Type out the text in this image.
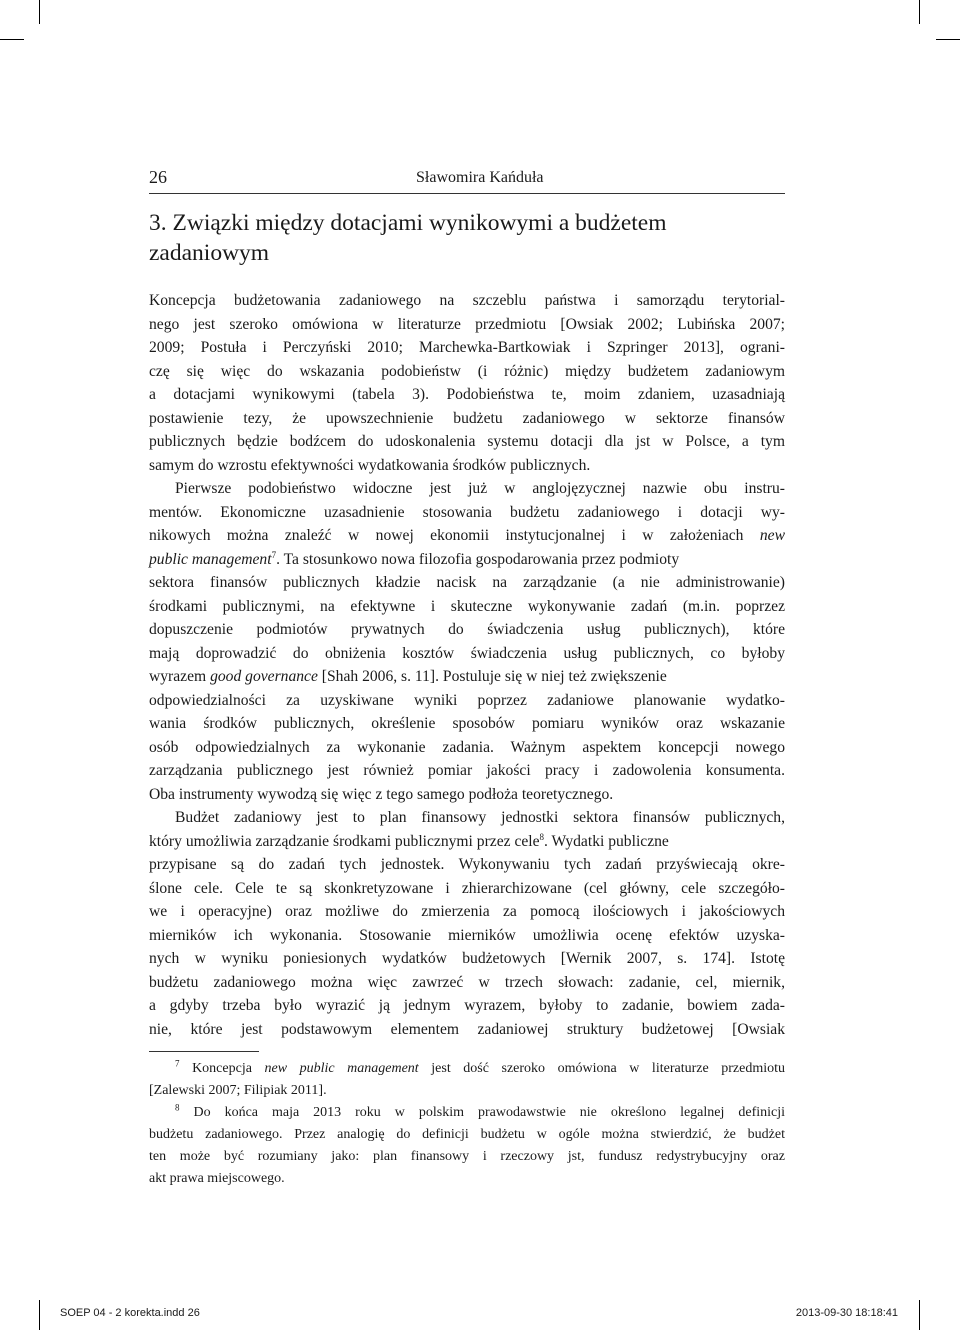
26	Sławomira Kańduła
3. Związki między dotacjami wynikowymi a budżetem
zadaniowym
Koncepcja budżetowania zadaniowego na szczeblu państwa i samorządu terytorial-
nego jest szeroko omówiona w literaturze przedmiotu [Owsiak 2002; Lubińska 2007;
2009; Postuła i Perczyński 2010; Marchewka-Bartkowiak i Szpringer 2013], ograni-
czę się więc do wskazania podobieństw (i różnic) między budżetem zadaniowym
a dotacjami wynikowymi (tabela 3). Podobieństwa te, moim zdaniem, uzasadniają
postawienie tezy, że upowszechnienie budżetu zadaniowego w sektorze finansów
publicznych będzie bodźcem do udoskonalenia systemu dotacji dla jst w Polsce, a tym
samym do wzrostu efektywności wydatkowania środków publicznych.
Pierwsze podobieństwo widoczne jest już w anglojęzycznej nazwie obu instru-
mentów. Ekonomiczne uzasadnienie stosowania budżetu zadaniowego i dotacji wy-
nikowych można znaleźć w nowej ekonomii instytucjonalnej i w założeniach new
public management$^7$. Ta stosunkowo nowa filozofia gospodarowania przez podmioty
sektora finansów publicznych kładzie nacisk na zarządzanie (a nie administrowanie)
środkami publicznymi, na efektywne i skuteczne wykonywanie zadań (m.in. poprzez
dopuszczenie podmiotów prywatnych do świadczenia usług publicznych), które
mają doprowadzić do obniżenia kosztów świadczenia usług publicznych, co byłoby
wyrazem good governance [Shah 2006, s. 11]. Postuluje się w niej też zwiększenie
odpowiedzialności za uzyskiwane wyniki poprzez zadaniowe planowanie wydatko-
wania środków publicznych, określenie sposobów pomiaru wyników oraz wskazanie
osób odpowiedzialnych za wykonanie zadania. Ważnym aspektem koncepcji nowego
zarządzania publicznego jest również pomiar jakości pracy i zadowolenia konsumenta.
Oba instrumenty wywodzą się więc z tego samego podłoża teoretycznego.
Budżet zadaniowy jest to plan finansowy jednostki sektora finansów publicznych,
który umożliwia zarządzanie środkami publicznymi przez cele$^8$. Wydatki publiczne
przypisane są do zadań tych jednostek. Wykonywaniu tych zadań przyświecają okre-
ślone cele. Cele te są skonkretyzowane i zhierarchizowane (cel główny, cele szczegóło-
we i operacyjne) oraz możliwe do zmierzenia za pomocą ilościowych i jakościowych
mierników ich wykonania. Stosowanie mierników umożliwia ocenę efektów uzyska-
nych w wyniku poniesionych wydatków budżetowych [Wernik 2007, s. 174]. Istotę
budżetu zadaniowego można więc zawrzeć w trzech słowach: zadanie, cel, miernik,
a gdyby trzeba było wyrazić ją jednym wyrazem, byłoby to zadanie, bowiem zada-
nie, które jest podstawowym elementem zadaniowej struktury budżetowej [Owsiak
$^7$ Koncepcja new public management jest dość szeroko omówiona w literaturze przedmiotu
[Zalewski 2007; Filipiak 2011].
$^8$ Do końca maja 2013 roku w polskim prawodawstwie nie określono legalnej definicji
budżetu zadaniowego. Przez analogię do definicji budżetu w ogóle można stwierdzić, że budżet
ten może być rozumiany jako: plan finansowy i rzeczowy jst, fundusz redystrybucyjny oraz
akt prawa miejscowego.
SOEP 04 - 2 korekta.indd 26	2013-09-30 18:18:41
